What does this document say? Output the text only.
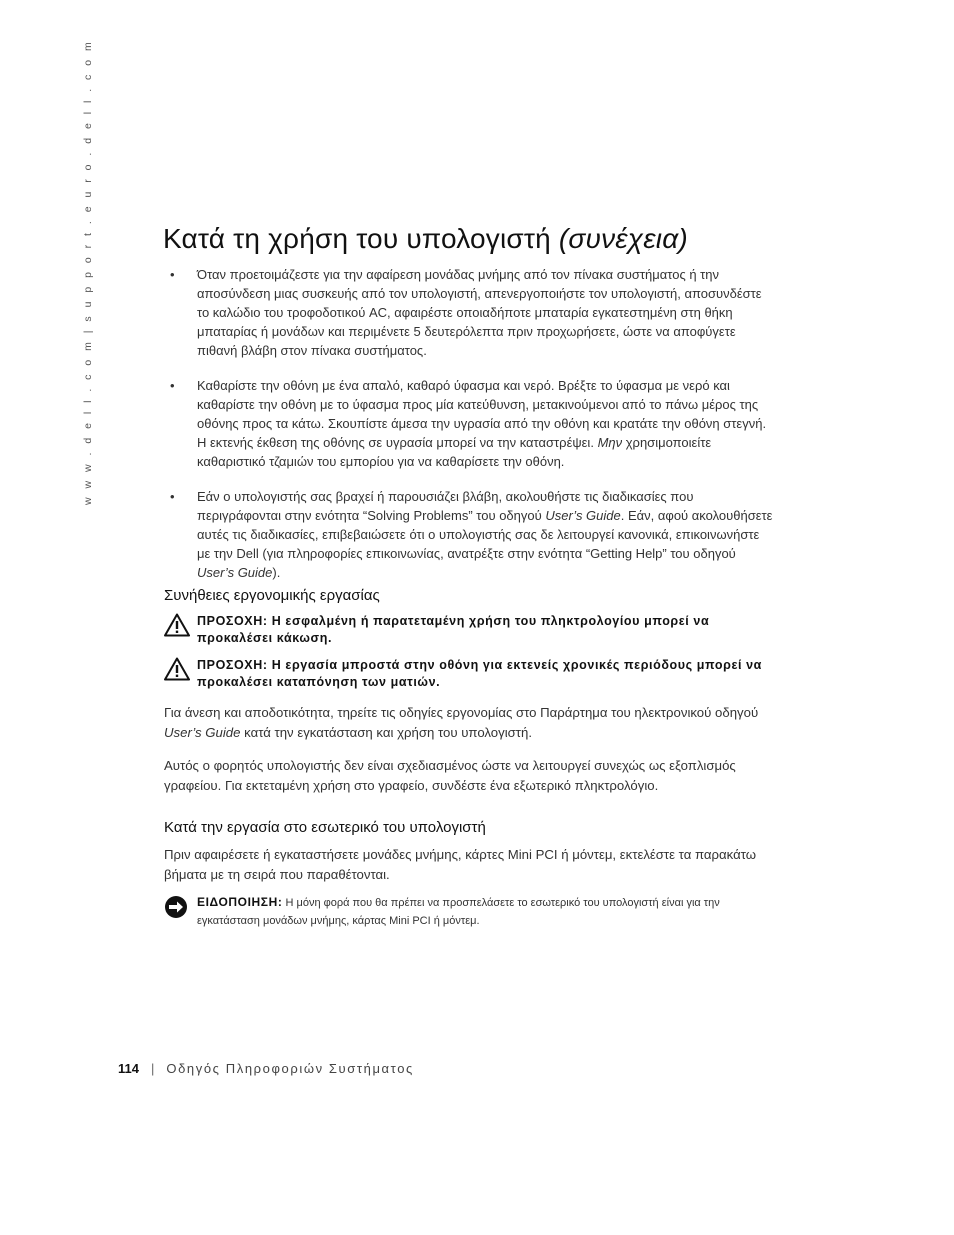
w w w . d e l l . c o m | s u p p o r t . e u r o . d e l l . c o m Κατά τη χρήση του υπολογιστή (συνέχεια)
• Όταν προετοιμάζεστε για την αφαίρεση μονάδας μνήμης από τον πίνακα συστήματος ή την αποσύνδεση μιας συσκευής από τον υπολογιστή, απενεργοποιήστε τον υπολογιστή, αποσυνδέστε το καλώδιο του τροφοδοτικού AC, αφαιρέστε οποιαδήποτε μπαταρία εγκατεστημένη στη θήκη μπαταρίας ή μονάδων και περιμένετε 5 δευτερόλεπτα πριν προχωρήσετε, ώστε να αποφύγετε πιθανή βλάβη στον πίνακα συστήματος.
• Καθαρίστε την οθόνη με ένα απαλό, καθαρό ύφασμα και νερό. Βρέξτε το ύφασμα με νερό και καθαρίστε την οθόνη με το ύφασμα προς μία κατεύθυνση, μετακινούμενοι από το πάνω μέρος της οθόνης προς τα κάτω. Σκουπίστε άμεσα την υγρασία από την οθόνη και κρατάτε την οθόνη στεγνή. Η εκτενής έκθεση της οθόνης σε υγρασία μπορεί να την καταστρέψει. Μην χρησιμοποιείτε καθαριστικό τζαμιών του εμπορίου για να καθαρίσετε την οθόνη.
• Εάν ο υπολογιστής σας βραχεί ή παρουσιάζει βλάβη, ακολουθήστε τις διαδικασίες που περιγράφονται στην ενότητα “Solving Problems” του οδηγού User’s Guide. Εάν, αφού ακολουθήσετε αυτές τις διαδικασίες, επιβεβαιώσετε ότι ο υπολογιστής σας δε λειτουργεί κανονικά, επικοινωνήστε με την Dell (για πληροφορίες επικοινωνίας, ανατρέξτε στην ενότητα “Getting Help” του οδηγού User’s Guide).
Συνήθειες εργονομικής εργασίας
ΠΡΟΣΟΧΗ: Η εσφαλμένη ή παρατεταμένη χρήση του πληκτρολογίου μπορεί να προκαλέσει κάκωση.
ΠΡΟΣΟΧΗ: Η εργασία μπροστά στην οθόνη για εκτενείς χρονικές περιόδους μπορεί να προκαλέσει καταπόνηση των ματιών.

Για άνεση και αποδοτικότητα, τηρείτε τις οδηγίες εργονομίας στο Παράρτημα του ηλεκτρονικού οδηγού User’s Guide κατά την εγκατάσταση και χρήση του υπολογιστή.

Αυτός ο φορητός υπολογιστής δεν είναι σχεδιασμένος ώστε να λειτουργεί συνεχώς ως εξοπλισμός γραφείου. Για εκτεταμένη χρήση στο γραφείο, συνδέστε ένα εξωτερικό πληκτρολόγιο.

Κατά την εργασία στο εσωτερικό του υπολογιστή

Πριν αφαιρέσετε ή εγκαταστήσετε μονάδες μνήμης, κάρτες Mini PCI ή μόντεμ, εκτελέστε τα παρακάτω βήματα με τη σειρά που παραθέτονται.

ΕΙΔΟΠΟΙΗΣΗ: Η μόνη φορά που θα πρέπει να προσπελάσετε το εσωτερικό του υπολογιστή είναι για την εγκατάσταση μονάδων μνήμης, κάρτας Mini PCI ή μόντεμ.
114 | Οδηγός Πληροφοριών Συστήματος
